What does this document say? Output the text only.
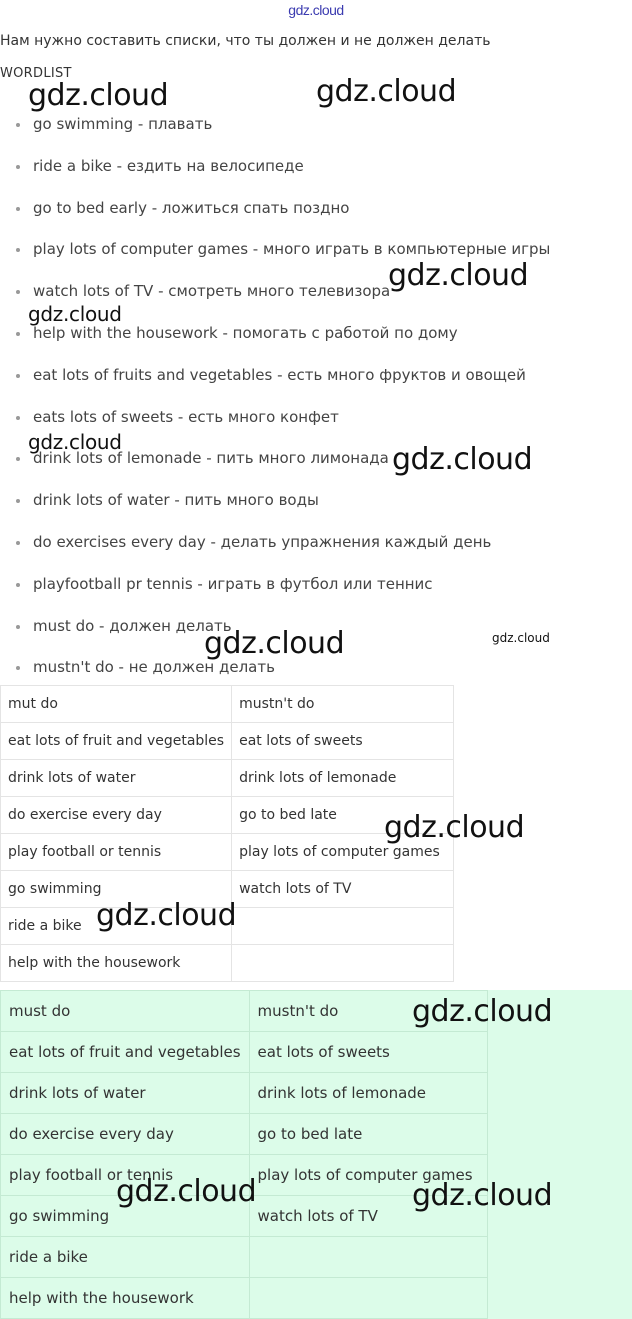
gdz.cloud
Нам нужно составить списки, что ты должен и не должен делать
WORDLIST
go swimming - плавать
ride a bike - ездить на велосипеде
go to bed early - ложиться спать поздно
play lots of computer games - много играть в компьютерные игры
watch lots of TV - смотреть много телевизора
help with the housework - помогать с работой по дому
eat lots of fruits and vegetables - есть много фруктов и овощей
eats lots of sweets - есть много конфет
drink lots of lemonade - пить много лимонада
drink lots of water - пить много воды
do exercises every day - делать упражнения каждый день
playfootball pr tennis - играть в футбол или теннис
must do - должен делать
mustn't do - не должен делать
mut do	mustn't do
eat lots of fruit and vegetables	eat lots of sweets
drink lots of water	drink lots of lemonade
do exercise every day	go to bed late
play football or tennis	play lots of computer games
go swimming	watch lots of TV
ride a bike	
help with the housework	
must do	mustn't do
eat lots of fruit and vegetables	eat lots of sweets
drink lots of water	drink lots of lemonade
do exercise every day	go to bed late
play football or tennis	play lots of computer games
go swimming	watch lots of TV
ride a bike	
help with the housework	
gdz.cloud	gdz.cloud
gdz.cloud
gdz.cloud
gdz.cloud	gdz.cloud
gdz.cloud
gdz.cloud
gdz.cloud
gdz.cloud
gdz.cloud
gdz.cloud	gdz.cloud
